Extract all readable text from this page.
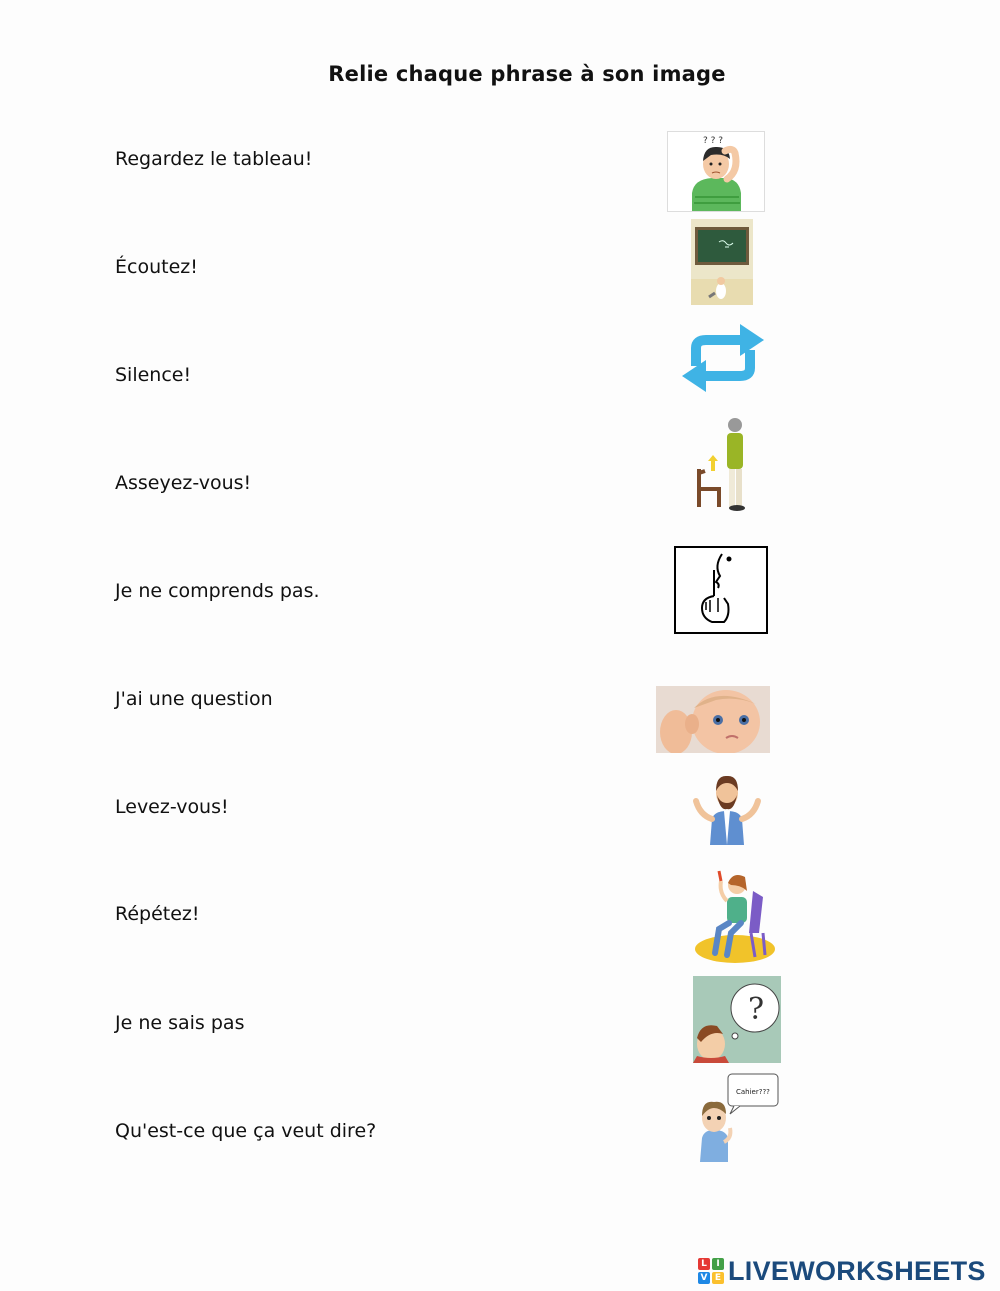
Relie chaque phrase à son image
Regardez le tableau!
Écoutez!
Silence!
Asseyez-vous!
Je ne comprends pas.
J'ai une question
Levez-vous!
Répétez!
Je ne sais pas
Qu'est-ce que ça veut dire?
? ? ?
?
Cahier???
L	I
V E LIVEWORKSHEETS
